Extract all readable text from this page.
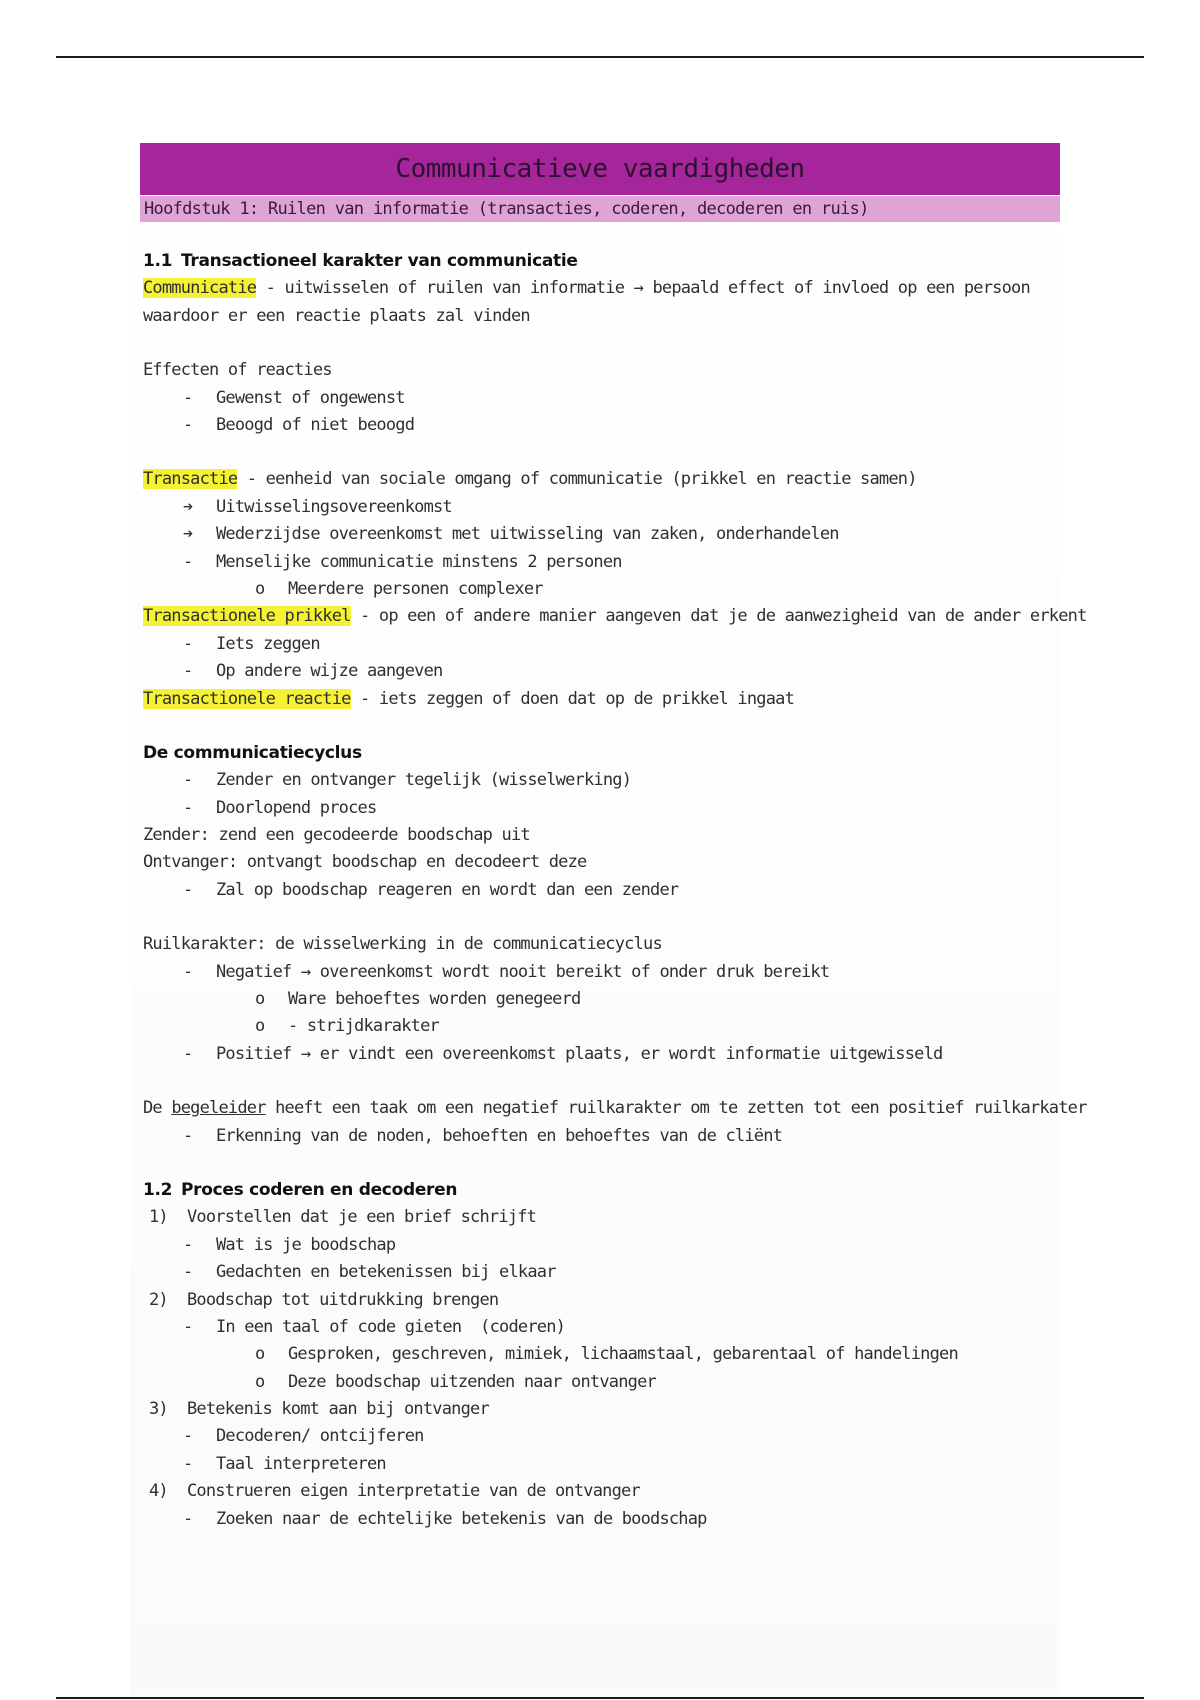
Communicatieve vaardigheden
Hoofdstuk 1: Ruilen van informatie (transacties, coderen, decoderen en ruis)
1.1 Transactioneel karakter van communicatie
Communicatie - uitwisselen of ruilen van informatie → bepaald effect of invloed op een persoon waardoor er een reactie plaats zal vinden
Effecten of reacties
- Gewenst of ongewenst
- Beoogd of niet beoogd
Transactie - eenheid van sociale omgang of communicatie (prikkel en reactie samen)
➔ Uitwisselingsovereenkomst
➔ Wederzijdse overeenkomst met uitwisseling van zaken, onderhandelen
- Menselijke communicatie minstens 2 personen
o Meerdere personen complexer
Transactionele prikkel - op een of andere manier aangeven dat je de aanwezigheid van de ander erkent
- Iets zeggen
- Op andere wijze aangeven
Transactionele reactie - iets zeggen of doen dat op de prikkel ingaat
De communicatiecyclus
- Zender en ontvanger tegelijk (wisselwerking)
- Doorlopend proces
Zender: zend een gecodeerde boodschap uit
Ontvanger: ontvangt boodschap en decodeert deze
- Zal op boodschap reageren en wordt dan een zender
Ruilkarakter: de wisselwerking in de communicatiecyclus
- Negatief → overeenkomst wordt nooit bereikt of onder druk bereikt
o Ware behoeftes worden genegeerd
o - strijdkarakter
- Positief → er vindt een overeenkomst plaats, er wordt informatie uitgewisseld
De begeleider heeft een taak om een negatief ruilkarakter om te zetten tot een positief ruilkarkater
- Erkenning van de noden, behoeften en behoeftes van de cliënt
1.2 Proces coderen en decoderen
1) Voorstellen dat je een brief schrijft
- Wat is je boodschap
- Gedachten en betekenissen bij elkaar
2) Boodschap tot uitdrukking brengen
- In een taal of code gieten  (coderen)
o Gesproken, geschreven, mimiek, lichaamstaal, gebarentaal of handelingen
o Deze boodschap uitzenden naar ontvanger
3) Betekenis komt aan bij ontvanger
- Decoderen/ ontcijferen
- Taal interpreteren
4) Construeren eigen interpretatie van de ontvanger
- Zoeken naar de echtelijke betekenis van de boodschap
